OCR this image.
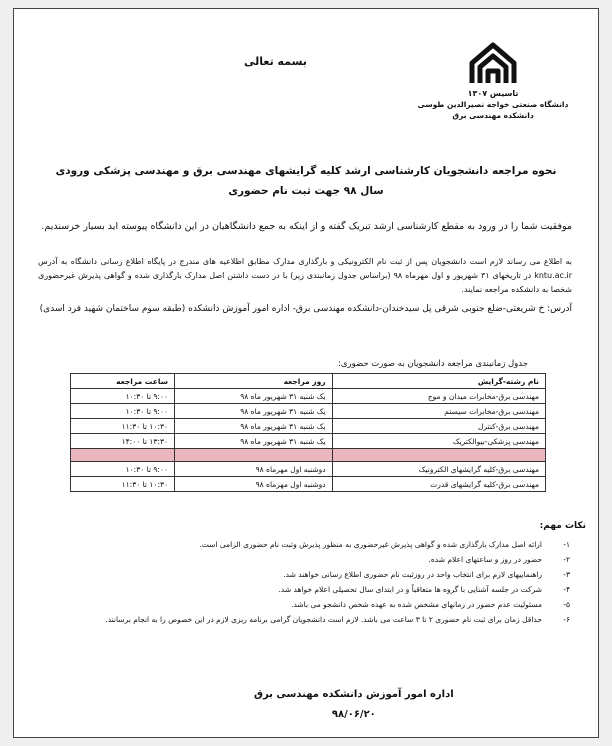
تاسیس ۱۳۰۷
دانشگاه صنعتی خواجه نصیرالدین طوسی
دانشکده مهندسی برق
بسمه تعالی
نحوه مراجعه دانشجویان کارشناسی ارشد کلیه گرایشهای مهندسی برق و مهندسی پزشکی ورودی سال ۹۸ جهت ثبت نام حضوری
موفقیت شما را در ورود به مقطع کارشناسی ارشد تبریک گفته و از اینکه به جمع دانشگاهیان در این دانشگاه پیوسته اید بسیار خرسندیم.
به اطلاع می رساند لازم است دانشجویان پس از ثبت نام الکترونیکی و بارگذاری مدارک مطابق اطلاعیه های مندرج در پایگاه اطلاع رسانی دانشگاه به آدرس kntu.ac.ir در تاریخهای ۳۱ شهریور و اول مهرماه ۹۸ (براساس جدول زمانبندی زیر) با در دست داشتن اصل مدارک بارگذاری شده و گواهی پذیرش غیرحضوری شخصا به دانشکده مراجعه نمایند.
آدرس: خ شریعتی-ضلع جنوبی شرقی پل سیدخندان-دانشکده مهندسی برق- اداره امور آموزش دانشکده (طبقه سوم ساختمان شهید فرد اسدی)
جدول زمانبندی مراجعه دانشجویان به صورت حضوری:
نام رشته-گرایش	روز مراجعه	ساعت مراجعه
مهندسی برق-مخابرات میدان و موج	یک شنبه ۳۱ شهریور ماه ۹۸	۹:۰۰ تا ۱۰:۳۰
مهندسی برق-مخابرات سیستم	یک شنبه ۳۱ شهریور ماه ۹۸	۹:۰۰ تا ۱۰:۳۰
مهندسی برق-کنترل	یک شنبه ۳۱ شهریور ماه ۹۸	۱۰:۳۰ تا ۱۱:۳۰
مهندسی پزشکی-بیوالکتریک	یک شنبه ۳۱ شهریور ماه ۹۸	۱۳:۳۰ تا ۱۴:۰۰

مهندسی برق-کلیه گرایشهای الکترونیک	دوشنبه اول مهرماه ۹۸	۹:۰۰ تا ۱۰:۳۰
مهندسی برق-کلیه گرایشهای قدرت	دوشنبه اول مهرماه ۹۸	۱۰:۳۰ تا ۱۱:۳۰
نکات مهم:
۱-
ارائه اصل مدارک بارگذاری شده و گواهی پذیرش غیرحضوری به منظور پذیرش وثبت نام حضوری الزامی است.
۲-
حضور در روز و ساعتهای اعلام شده.
۳-
راهنماییهای لازم برای انتخاب واحد در روزثبت نام حضوری اطلاع رسانی خواهند شد.
۴-
شرکت در جلسه آشنایی با گروه ها متعاقباً و در ابتدای سال تحصیلی اعلام خواهد شد.
۵-
مسئولیت عدم حضور در زمانهای مشخص شده به عهده شخص دانشجو می باشد.
۶-
حداقل زمان برای ثبت نام حضوری ۲ تا ۳ ساعت می باشد. لازم است دانشجویان گرامی برنامه ریزی لازم در این خصوص را به انجام برسانند.
اداره امور آموزش دانشکده مهندسی برق
۹۸/۰۶/۲۰
